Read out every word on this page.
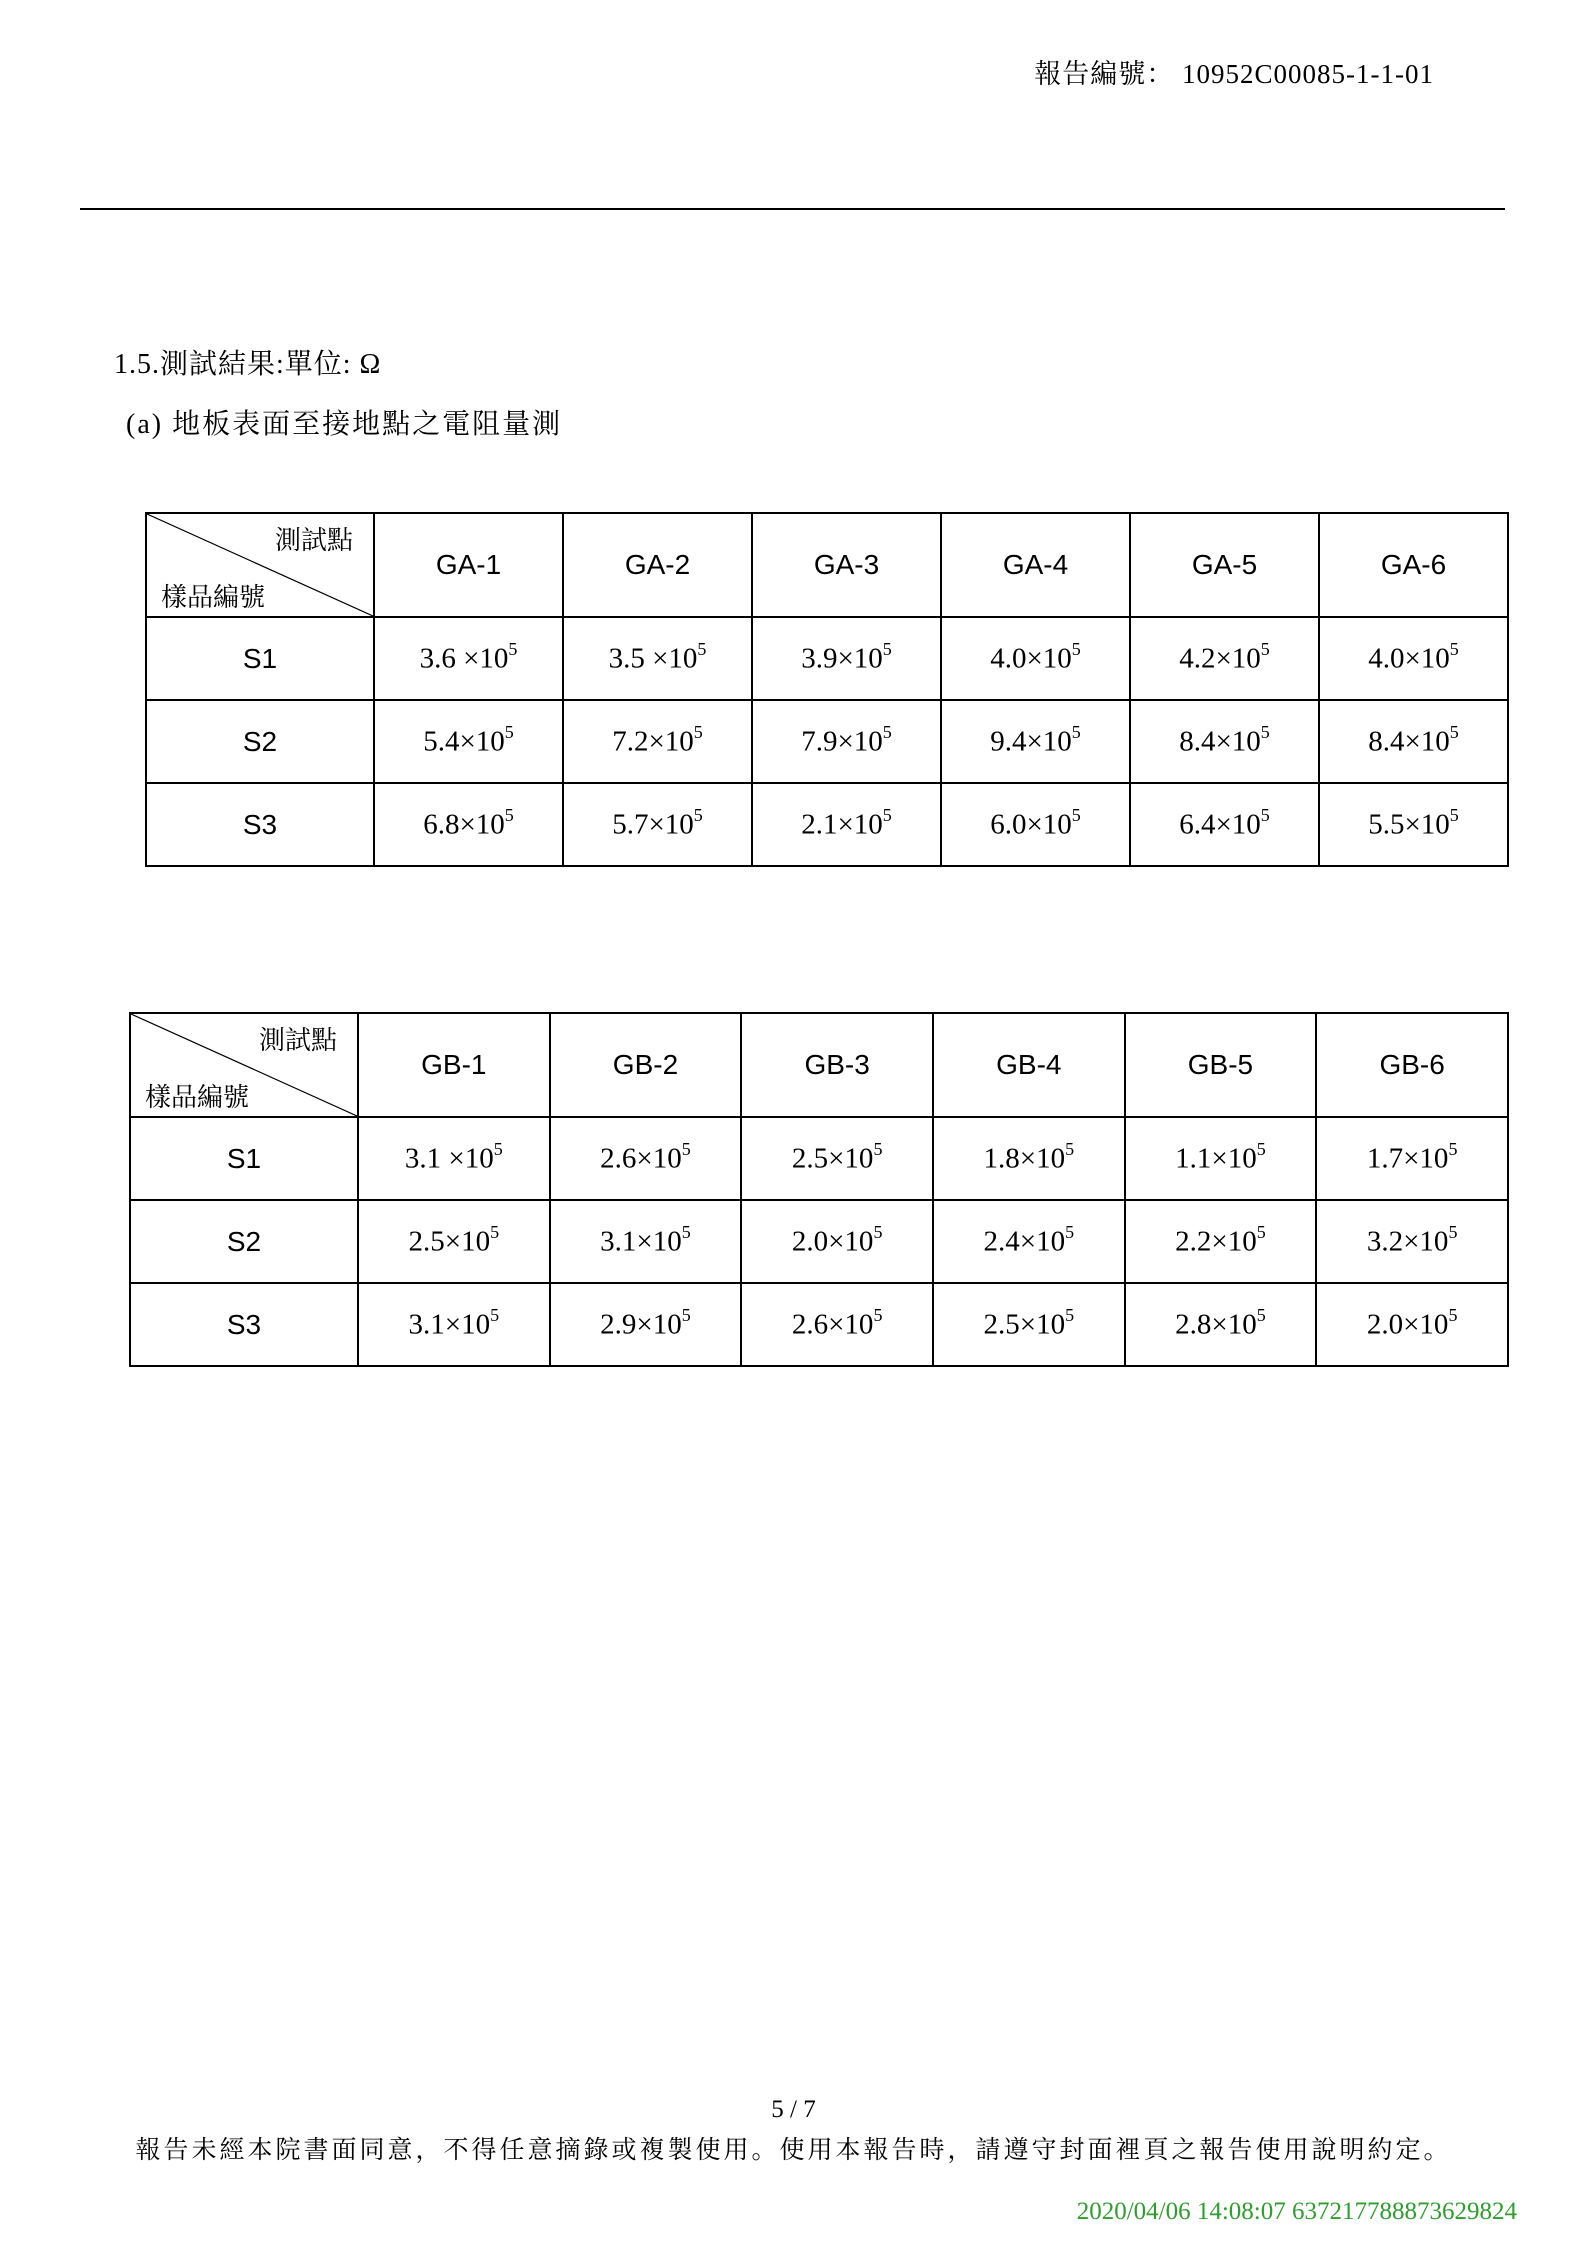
報告編號： 10952C00085-1-1-01
1.5.測試結果:單位: Ω
(a) 地板表面至接地點之電阻量測
測試點
樣品編號	GA-1	GA-2	GA-3	GA-4	GA-5	GA-6
S1	$3.6 \times 10^5$	$3.5 \times 10^5$	$3.9\times 10^5$	$4.0\times 10^5$	$4.2\times 10^5$	$4.0\times 10^5$
S2	$5.4\times 10^5$	$7.2\times 10^5$	$7.9\times 10^5$	$9.4\times 10^5$	$8.4\times 10^5$	$8.4\times 10^5$
S3	$6.8\times 10^5$	$5.7\times 10^5$	$2.1\times 10^5$	$6.0\times 10^5$	$6.4\times 10^5$	$5.5\times 10^5$
測試點
樣品編號	GB-1	GB-2	GB-3	GB-4	GB-5	GB-6
S1	$3.1 \times 10^5$	$2.6\times 10^5$	$2.5\times 10^5$	$1.8\times 10^5$	$1.1\times 10^5$	$1.7\times 10^5$
S2	$2.5\times 10^5$	$3.1\times 10^5$	$2.0\times 10^5$	$2.4\times 10^5$	$2.2\times 10^5$	$3.2\times 10^5$
S3	$3.1\times 10^5$	$2.9\times 10^5$	$2.6\times 10^5$	$2.5\times 10^5$	$2.8\times 10^5$	$2.0\times 10^5$
5 / 7
報告未經本院書面同意，不得任意摘錄或複製使用。使用本報告時，請遵守封面裡頁之報告使用說明約定。
2020/04/06 14:08:07 637217788873629824
